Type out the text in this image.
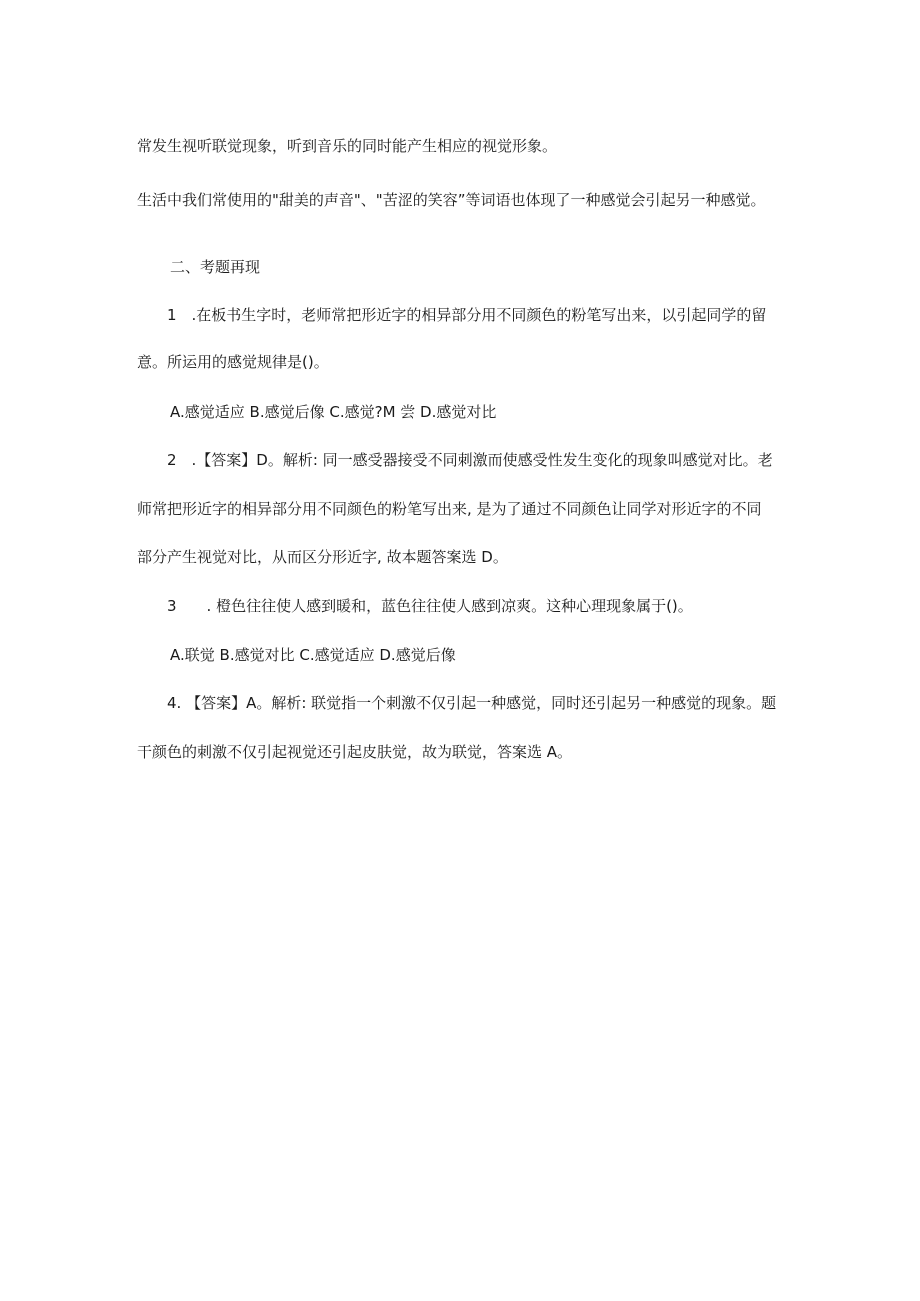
常发生视听联觉现象，听到音乐的同时能产生相应的视觉形象。

生活中我们常使用的"甜美的声音"、"苦涩的笑容”等词语也体现了一种感觉会引起另一种感觉。

二、考题再现

1　.在板书生字时，老师常把形近字的相异部分用不同颜色的粉笔写出来，以引起同学的留

意。所运用的感觉规律是()。

A.感觉适应 B.感觉后像 C.感觉?M 尝 D.感觉对比

2　.【答案】D。解析: 同一感受器接受不同刺激而使感受性发生变化的现象叫感觉对比。老

师常把形近字的相异部分用不同颜色的粉笔写出来, 是为了通过不同颜色让同学对形近字的不同

部分产生视觉对比，从而区分形近字, 故本题答案选 D。

3　　. 橙色往往使人感到暖和，蓝色往往使人感到凉爽。这种心理现象属于()。

A.联觉 B.感觉对比 C.感觉适应 D.感觉后像

4. 【答案】A。解析: 联觉指一个刺激不仅引起一种感觉，同时还引起另一种感觉的现象。题

干颜色的刺激不仅引起视觉还引起皮肤觉，故为联觉，答案选 A。
